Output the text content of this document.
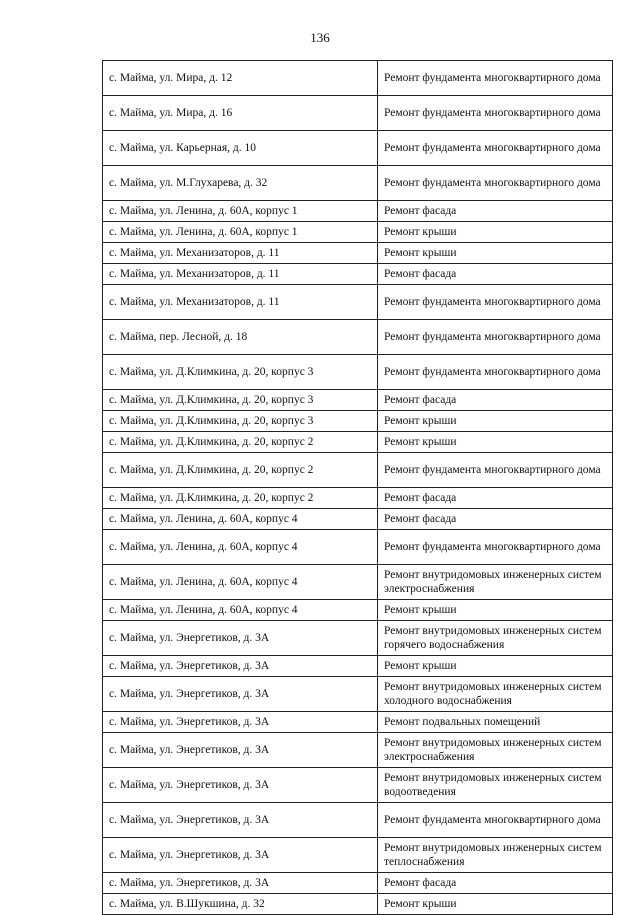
136
с. Майма, ул. Мира, д. 12	Ремонт фундамента многоквартирного дома
с. Майма, ул. Мира, д. 16	Ремонт фундамента многоквартирного дома
с. Майма, ул. Карьерная, д. 10	Ремонт фундамента многоквартирного дома
с. Майма, ул. М.Глухарева, д. 32	Ремонт фундамента многоквартирного дома
с. Майма, ул. Ленина, д. 60А, корпус 1	Ремонт фасада
с. Майма, ул. Ленина, д. 60А, корпус 1	Ремонт крыши
с. Майма, ул. Механизаторов, д. 11	Ремонт крыши
с. Майма, ул. Механизаторов, д. 11	Ремонт фасада
с. Майма, ул. Механизаторов, д. 11	Ремонт фундамента многоквартирного дома
с. Майма, пер. Лесной, д. 18	Ремонт фундамента многоквартирного дома
с. Майма, ул. Д.Климкина, д. 20, корпус 3	Ремонт фундамента многоквартирного дома
с. Майма, ул. Д.Климкина, д. 20, корпус 3	Ремонт фасада
с. Майма, ул. Д.Климкина, д. 20, корпус 3	Ремонт крыши
с. Майма, ул. Д.Климкина, д. 20, корпус 2	Ремонт крыши
с. Майма, ул. Д.Климкина, д. 20, корпус 2	Ремонт фундамента многоквартирного дома
с. Майма, ул. Д.Климкина, д. 20, корпус 2	Ремонт фасада
с. Майма, ул. Ленина, д. 60А, корпус 4	Ремонт фасада
с. Майма, ул. Ленина, д. 60А, корпус 4	Ремонт фундамента многоквартирного дома
с. Майма, ул. Ленина, д. 60А, корпус 4	Ремонт внутридомовых инженерных систем электроснабжения
с. Майма, ул. Ленина, д. 60А, корпус 4	Ремонт крыши
с. Майма, ул. Энергетиков, д. 3А	Ремонт внутридомовых инженерных систем горячего водоснабжения
с. Майма, ул. Энергетиков, д. 3А	Ремонт крыши
с. Майма, ул. Энергетиков, д. 3А	Ремонт внутридомовых инженерных систем холодного водоснабжения
с. Майма, ул. Энергетиков, д. 3А	Ремонт подвальных помещений
с. Майма, ул. Энергетиков, д. 3А	Ремонт внутридомовых инженерных систем электроснабжения
с. Майма, ул. Энергетиков, д. 3А	Ремонт внутридомовых инженерных систем водоотведения
с. Майма, ул. Энергетиков, д. 3А	Ремонт фундамента многоквартирного дома
с. Майма, ул. Энергетиков, д. 3А	Ремонт внутридомовых инженерных систем теплоснабжения
с. Майма, ул. Энергетиков, д. 3А	Ремонт фасада
с. Майма, ул. В.Шукшина, д. 32	Ремонт крыши
